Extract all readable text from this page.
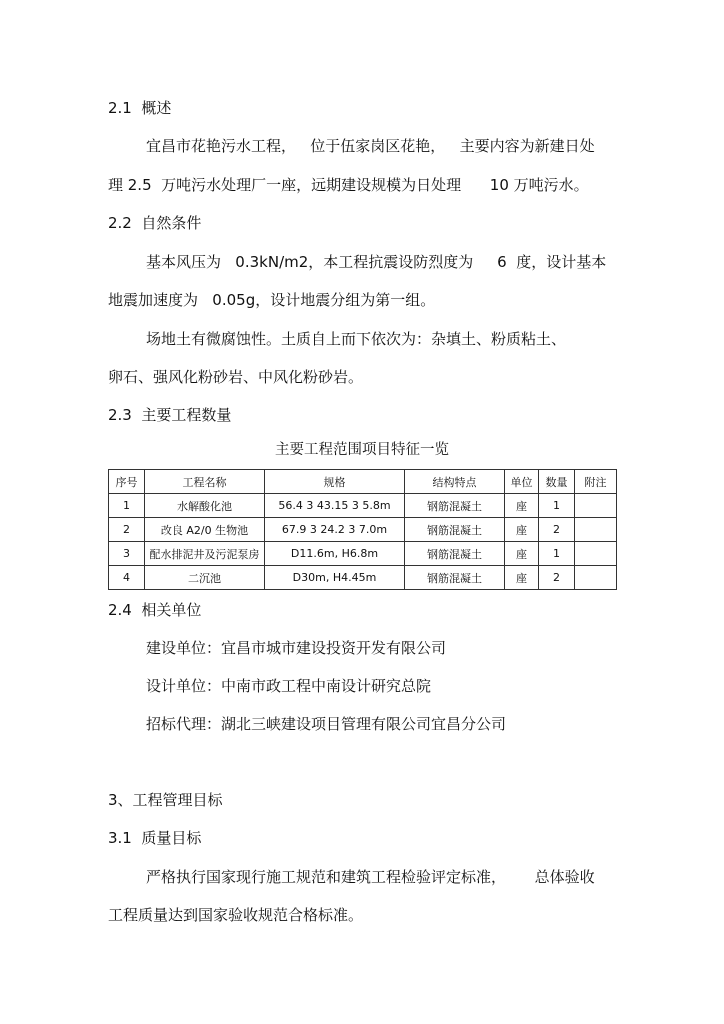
2.1  概述
宜昌市花艳污水工程，   位于伍家岗区花艳，   主要内容为新建日处
理 2.5  万吨污水处理厂一座，远期建设规模为日处理      10 万吨污水。
2.2  自然条件
基本风压为   0.3kN/m2，本工程抗震设防烈度为     6  度，设计基本
地震加速度为   0.05g，设计地震分组为第一组。
场地土有微腐蚀性。土质自上而下依次为：杂填土、粉质粘土、
卵石、强风化粉砂岩、中风化粉砂岩。
2.3  主要工程数量
主要工程范围项目特征一览
序号	工程名称	规格	结构特点	单位	数量	附注
1	水解酸化池	56.4 3 43.15 3 5.8m	钢筋混凝土	座	1	
2	改良 A2/0 生物池	67.9 3 24.2 3 7.0m	钢筋混凝土	座	2	
3	配水排泥井及污泥泵房	D11.6m, H6.8m	钢筋混凝土	座	1	
4	二沉池	D30m, H4.45m	钢筋混凝土	座	2	
2.4  相关单位
建设单位：宜昌市城市建设投资开发有限公司
设计单位：中南市政工程中南设计研究总院
招标代理：湖北三峡建设项目管理有限公司宜昌分公司
3、工程管理目标
3.1  质量目标
严格执行国家现行施工规范和建筑工程检验评定标准，      总体验收
工程质量达到国家验收规范合格标准。
